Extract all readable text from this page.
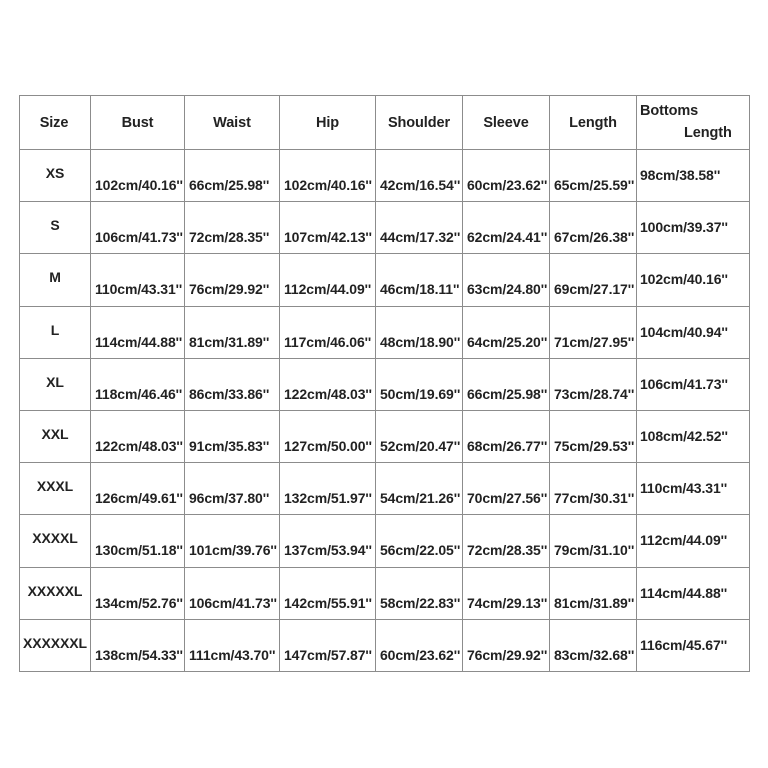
Size	Bust	Waist	Hip	Shoulder	Sleeve	Length	Bottoms
Length

XS	102cm/40.16''	66cm/25.98''	102cm/40.16''	42cm/16.54''	60cm/23.62''	65cm/25.59''	98cm/38.58''

S	106cm/41.73''	72cm/28.35''	107cm/42.13''	44cm/17.32''	62cm/24.41''	67cm/26.38''	100cm/39.37''

M	110cm/43.31''	76cm/29.92''	112cm/44.09''	46cm/18.11''	63cm/24.80''	69cm/27.17''	102cm/40.16''

L	114cm/44.88''	81cm/31.89''	117cm/46.06''	48cm/18.90''	64cm/25.20''	71cm/27.95''	104cm/40.94''

XL	118cm/46.46''	86cm/33.86''	122cm/48.03''	50cm/19.69''	66cm/25.98''	73cm/28.74''	106cm/41.73''

XXL	122cm/48.03''	91cm/35.83''	127cm/50.00''	52cm/20.47''	68cm/26.77''	75cm/29.53''	108cm/42.52''

XXXL	126cm/49.61''	96cm/37.80''	132cm/51.97''	54cm/21.26''	70cm/27.56''	77cm/30.31''	110cm/43.31''

XXXXL	130cm/51.18''	101cm/39.76''	137cm/53.94''	56cm/22.05''	72cm/28.35''	79cm/31.10''	112cm/44.09''

XXXXXL	134cm/52.76''	106cm/41.73''	142cm/55.91''	58cm/22.83''	74cm/29.13''	81cm/31.89''	114cm/44.88''

XXXXXXL	138cm/54.33''	111cm/43.70''	147cm/57.87''	60cm/23.62''	76cm/29.92''	83cm/32.68''	116cm/45.67''
